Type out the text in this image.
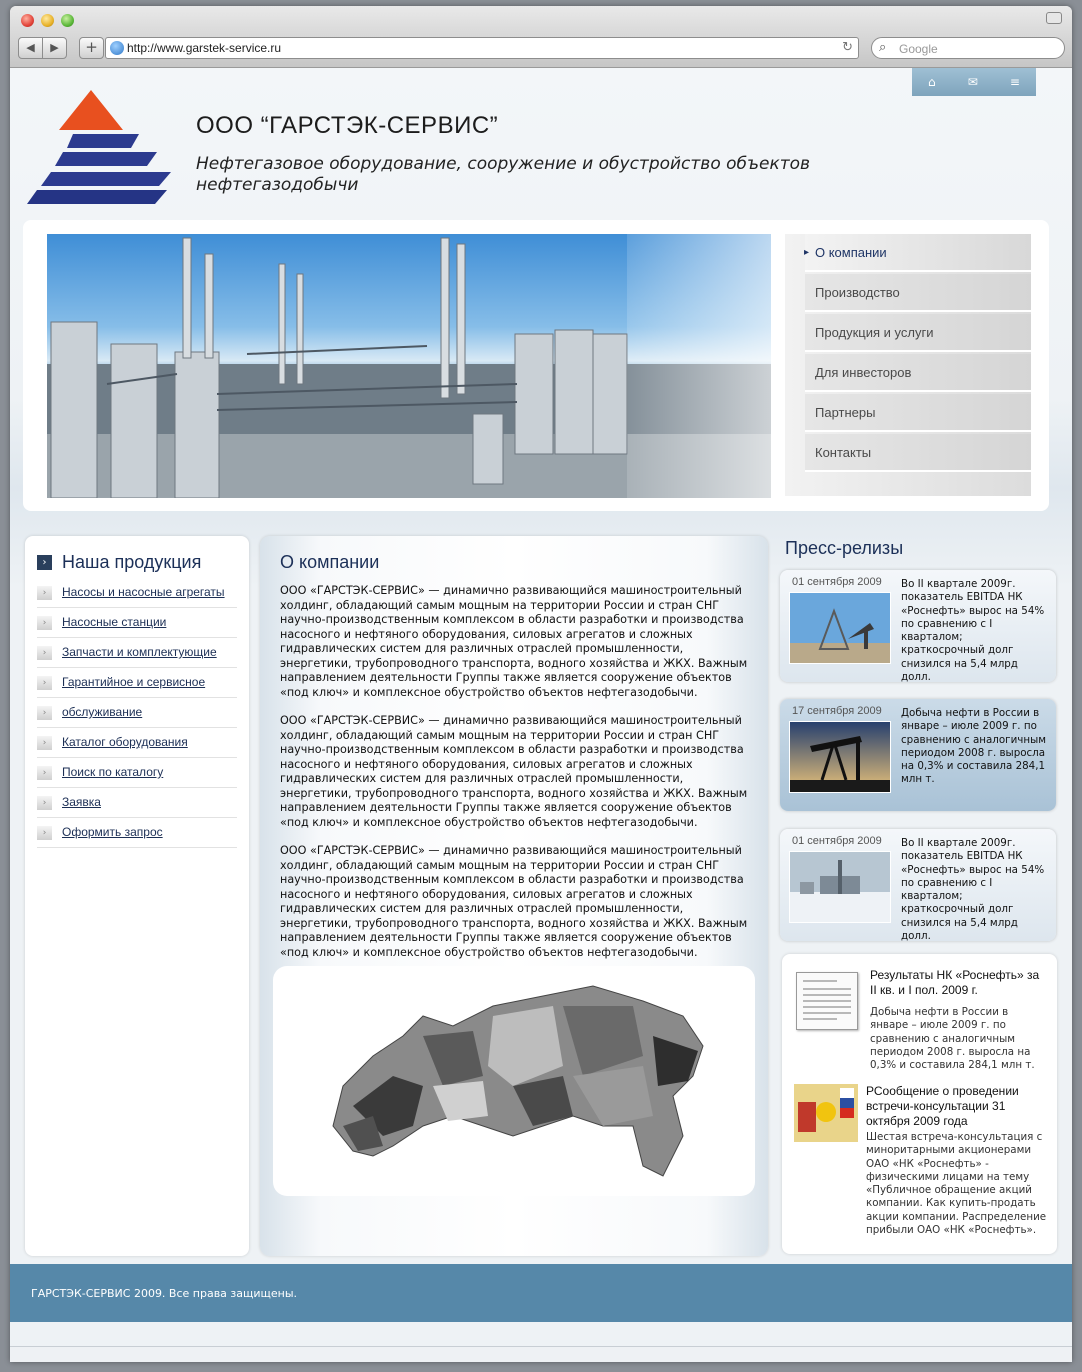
◀	▶	+	http://www.garstek-service.ru	↻ ⌕ Google
⌂	✉	≡
ООО “ГАРСТЭК-СЕРВИС”
Нефтегазовое оборудование, сооружение и обустройство объектов нефтегазодобычи
▸ О компании
Производство
Продукция и услуги
Для инвесторов
Партнеры
Контакты
› Наша продукция
›	Насосы и насосные агрегаты
›	Насосные станции
›	Запчасти и комплектующие
›	Гарантийное и сервисное
›	обслуживание
›	Каталог оборудования
›	Поиск по каталогу
›	Заявка
›	Оформить запрос
О компании

ООО «ГАРСТЭК-СЕРВИС» — динамично развивающийся машиностроительный холдинг, обладающий самым мощным на территории России и стран СНГ научно-производственным комплексом в области разработки и производства насосного и нефтяного оборудования, силовых агрегатов и сложных гидравлических систем для различных отраслей промышленности, энергетики, трубопроводного транспорта, водного хозяйства и ЖКХ. Важным направлением деятельности Группы также является сооружение объектов «под ключ» и комплексное обустройство объектов нефтегазодобычи.

ООО «ГАРСТЭК-СЕРВИС» — динамично развивающийся машиностроительный холдинг, обладающий самым мощным на территории России и стран СНГ научно-производственным комплексом в области разработки и производства насосного и нефтяного оборудования, силовых агрегатов и сложных гидравлических систем для различных отраслей промышленности, энергетики, трубопроводного транспорта, водного хозяйства и ЖКХ. Важным направлением деятельности Группы также является сооружение объектов «под ключ» и комплексное обустройство объектов нефтегазодобычи.

ООО «ГАРСТЭК-СЕРВИС» — динамично развивающийся машиностроительный холдинг, обладающий самым мощным на территории России и стран СНГ научно-производственным комплексом в области разработки и производства насосного и нефтяного оборудования, силовых агрегатов и сложных гидравлических систем для различных отраслей промышленности, энергетики, трубопроводного транспорта, водного хозяйства и ЖКХ. Важным направлением деятельности Группы также является сооружение объектов «под ключ» и комплексное обустройство объектов нефтегазодобычи.

Пресс-релизы
01 сентября 2009 Во II квартале 2009г. показатель EBITDA НК «Роснефть» вырос на 54% по сравнению с I кварталом; краткосрочный долг снизился на 5,4 млрд долл.
17 сентября 2009 Добыча нефти в России в январе – июле 2009 г. по сравнению с аналогичным периодом 2008 г. выросла на 0,3% и составила 284,1 млн т.
01 сентября 2009 Во II квартале 2009г. показатель EBITDA НК «Роснефть» вырос на 54% по сравнению с I кварталом; краткосрочный долг снизился на 5,4 млрд долл.
Результаты НК «Роснефть» за II кв. и I пол. 2009 г.
Добыча нефти в России в январе – июле 2009 г. по сравнению с аналогичным периодом 2008 г. выросла на 0,3% и составила 284,1 млн т.
РСообщение о проведении встречи-консультации 31 октября 2009 года
Шестая встреча-консультация с миноритарными акционерами ОАО «НК «Роснефть» - физическими лицами на тему «Публичное обращение акций компании. Как купить-продать акции компании. Распределение прибыли ОАО «НК «Роснефть».
ГАРСТЭК-СЕРВИС 2009. Все права защищены.
